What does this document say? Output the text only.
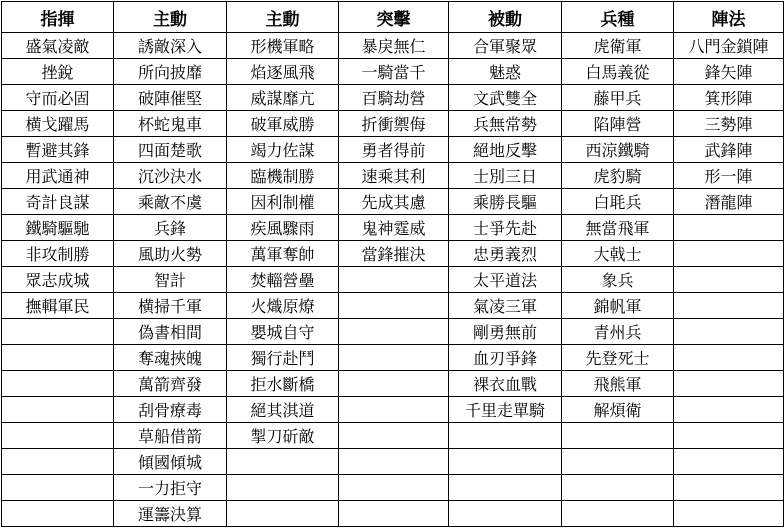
指揮	主動	主動	突擊	被動	兵種	陣法
盛氣凌敵	誘敵深入	形機軍略	暴戾無仁	合軍聚眾	虎衛軍	八門金鎖陣
挫銳	所向披靡	焰逐風飛	一騎當千	魅惑	白馬義從	鋒矢陣
守而必固	破陣催堅	威謀靡亢	百騎劫營	文武雙全	藤甲兵	箕形陣
横戈躍馬	杯蛇鬼車	破軍威勝	折衝禦侮	兵無常勢	陷陣營	三勢陣
暫避其鋒	四面楚歌	竭力佐謀	勇者得前	絕地反擊	西涼鐵騎	武鋒陣
用武通神	沉沙決水	臨機制勝	速乘其利	士別三日	虎豹騎	形一陣
奇計良謀	乘敵不虞	因利制權	先成其慮	乘勝長驅	白毦兵	潛龍陣
鐵騎驅馳	兵鋒	疾風驟雨	鬼神霆威	士爭先赴	無當飛軍	
非攻制勝	風助火勢	萬軍奪帥	當鋒摧決	忠勇義烈	大戟士	
眾志成城	智計	焚輜營壘		太平道法	象兵	
撫輯軍民	横掃千軍	火熾原燎		氣凌三軍	錦帆軍	
	偽書相間	嬰城自守		剛勇無前	青州兵	
	奪魂挾魄	獨行赴鬥		血刃爭鋒	先登死士	
	萬箭齊發	拒水斷橋		裸衣血戰	飛熊軍	
	刮骨療毒	絕其淇道		千里走單騎	解煩衛	
	草船借箭	掣刀斫敵				
	傾國傾城					
	一力拒守					
	運籌決算					
